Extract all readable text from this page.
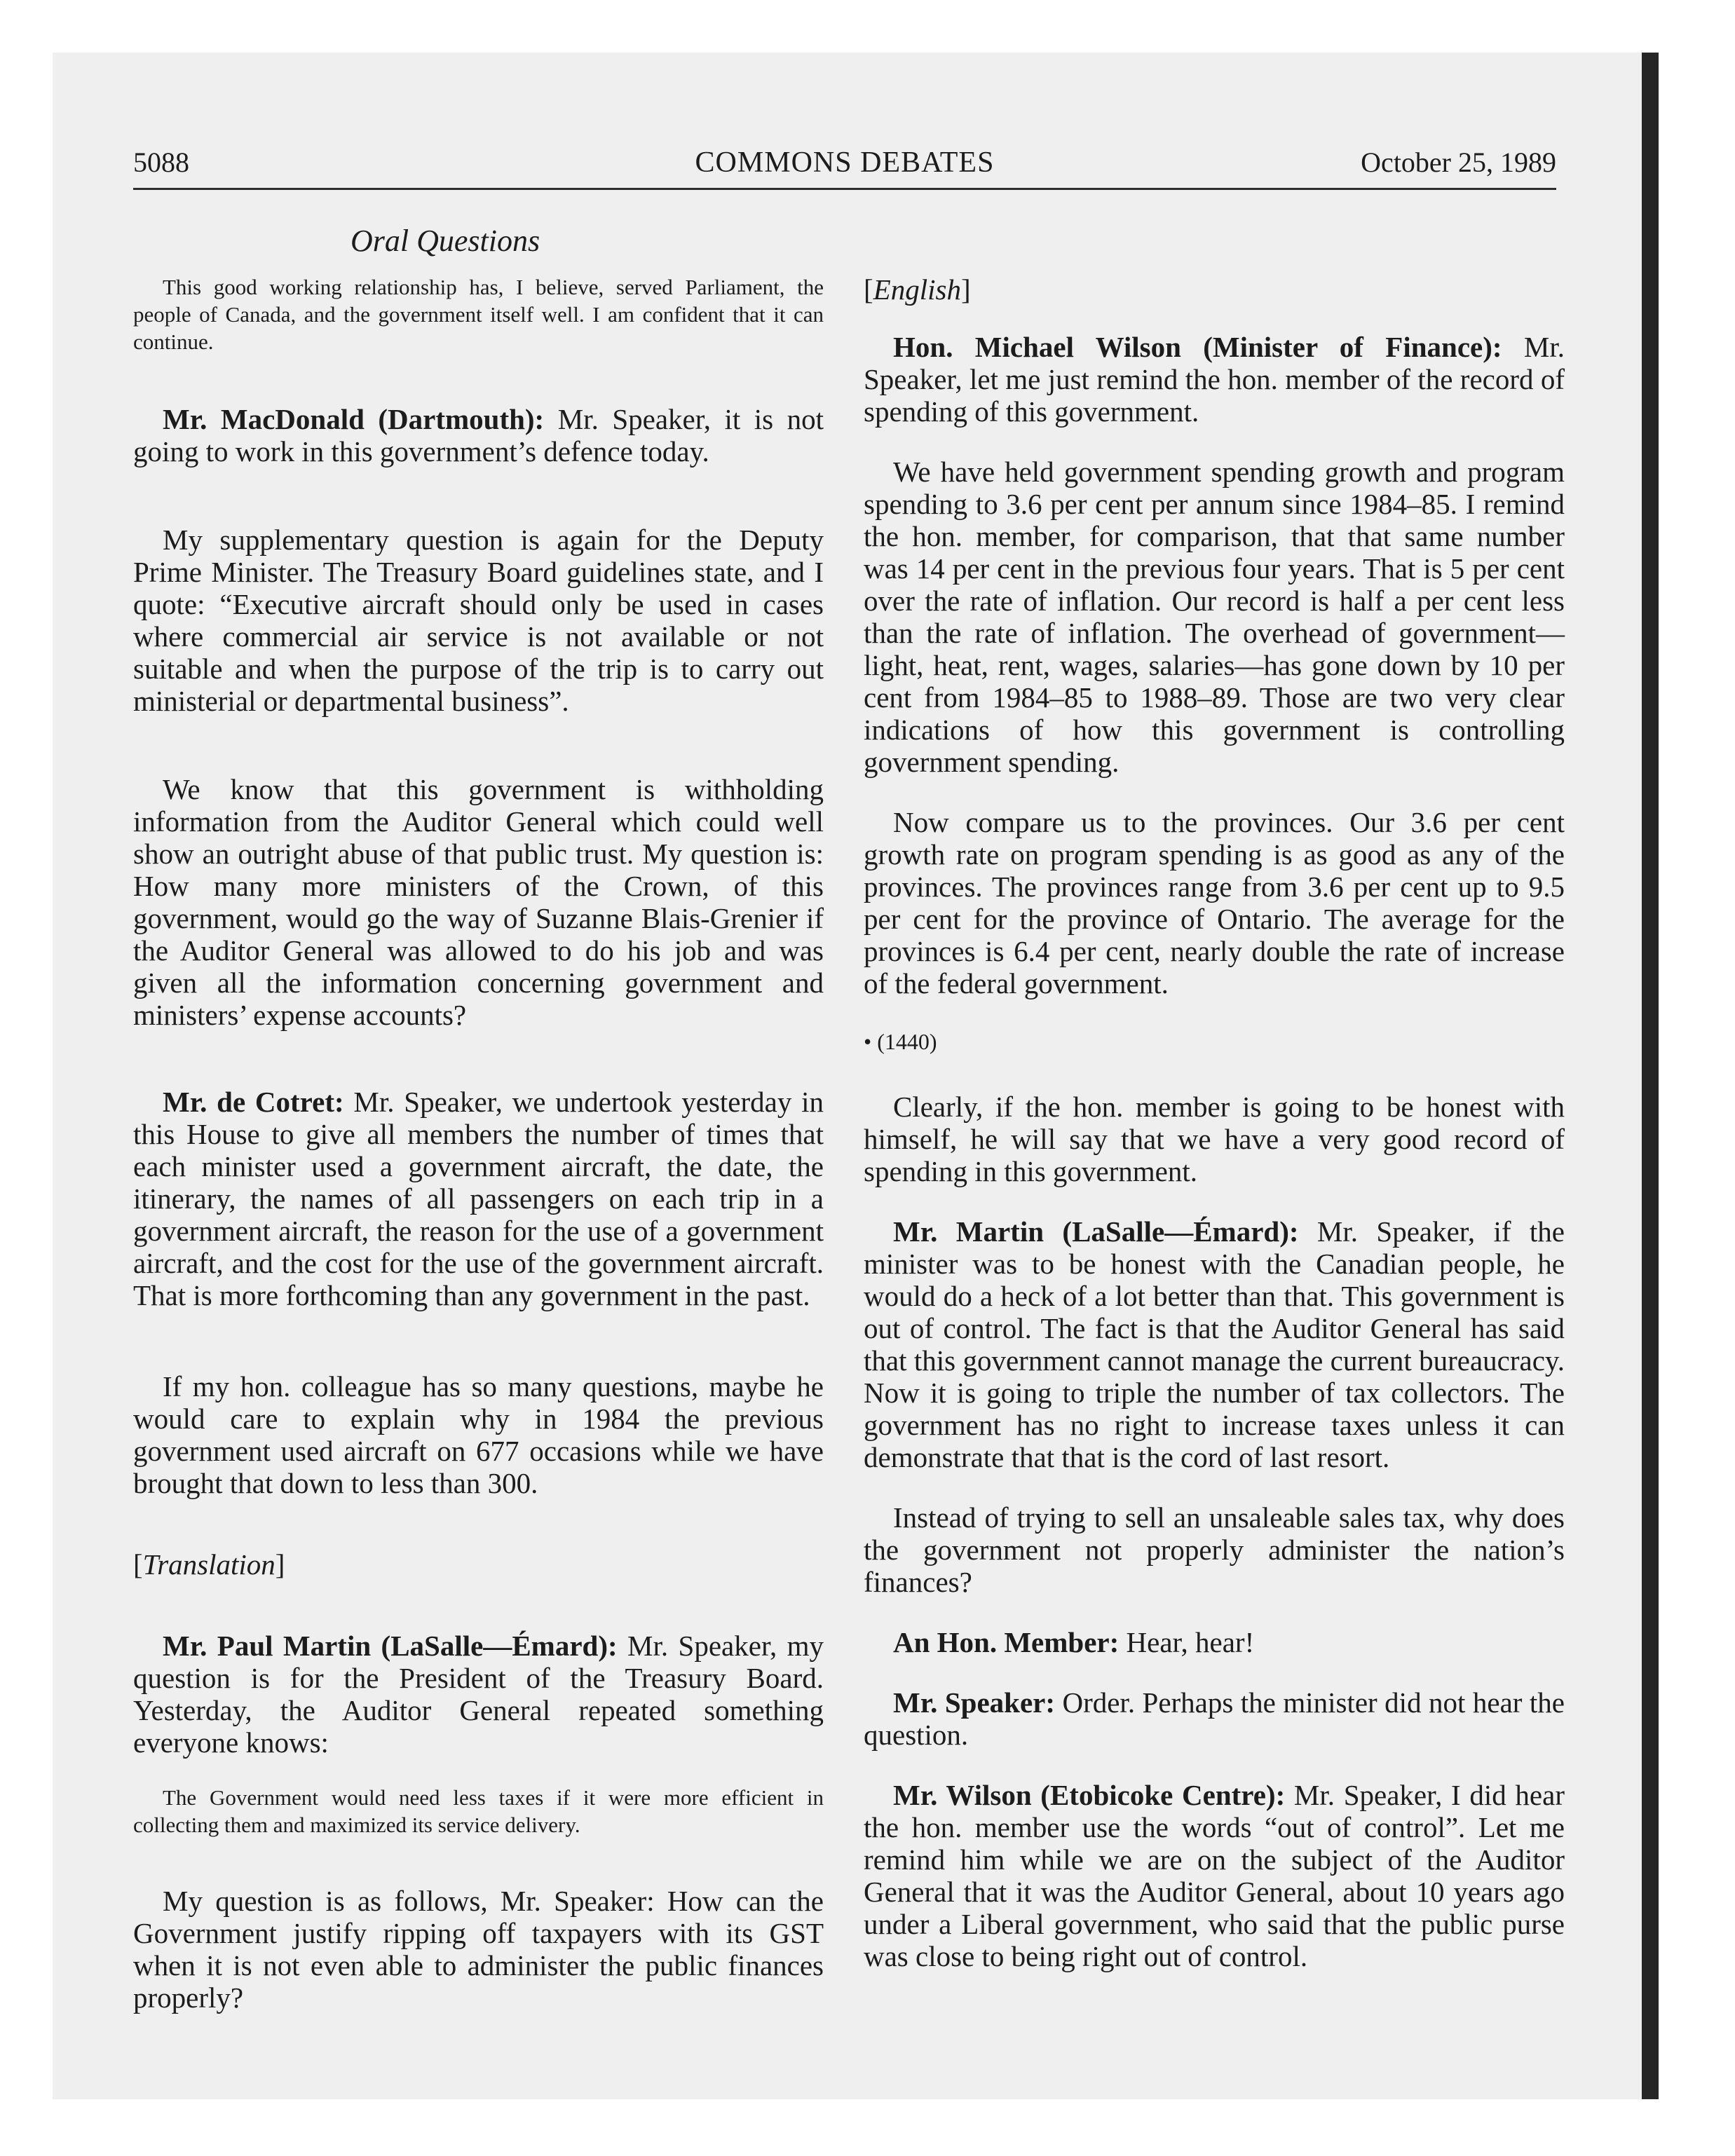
5088	COMMONS DEBATES	October 25, 1989
Oral Questions

This good working relationship has, I believe, served Parliament, the people of Canada, and the government itself well. I am confident that it can continue.

Mr. MacDonald (Dartmouth): Mr. Speaker, it is not going to work in this government’s defence today.

My supplementary question is again for the Deputy Prime Minister. The Treasury Board guidelines state, and I quote: “Executive aircraft should only be used in cases where commercial air service is not available or not suitable and when the purpose of the trip is to carry out ministerial or departmental business”.

We know that this government is withholding information from the Auditor General which could well show an outright abuse of that public trust. My question is: How many more ministers of the Crown, of this government, would go the way of Suzanne Blais-Grenier if the Auditor General was allowed to do his job and was given all the information concerning government and ministers’ expense accounts?

Mr. de Cotret: Mr. Speaker, we undertook yesterday in this House to give all members the number of times that each minister used a government aircraft, the date, the itinerary, the names of all passengers on each trip in a government aircraft, the reason for the use of a government aircraft, and the cost for the use of the government aircraft. That is more forthcoming than any government in the past.

If my hon. colleague has so many questions, maybe he would care to explain why in 1984 the previous government used aircraft on 677 occasions while we have brought that down to less than 300.

[Translation]

Mr. Paul Martin (LaSalle—Émard): Mr. Speaker, my question is for the President of the Treasury Board. Yesterday, the Auditor General repeated something everyone knows:

The Government would need less taxes if it were more efficient in collecting them and maximized its service delivery.

My question is as follows, Mr. Speaker: How can the Government justify ripping off taxpayers with its GST when it is not even able to administer the public finances properly?

[English]

Hon. Michael Wilson (Minister of Finance): Mr. Speaker, let me just remind the hon. member of the record of spending of this government.

We have held government spending growth and program spending to 3.6 per cent per annum since 1984–85. I remind the hon. member, for comparison, that that same number was 14 per cent in the previous four years. That is 5 per cent over the rate of inflation. Our record is half a per cent less than the rate of inflation. The overhead of government—light, heat, rent, wages, salaries—has gone down by 10 per cent from 1984–85 to 1988–89. Those are two very clear indications of how this government is controlling government spending.

Now compare us to the provinces. Our 3.6 per cent growth rate on program spending is as good as any of the provinces. The provinces range from 3.6 per cent up to 9.5 per cent for the province of Ontario. The average for the provinces is 6.4 per cent, nearly double the rate of increase of the federal government.

• (1440)

Clearly, if the hon. member is going to be honest with himself, he will say that we have a very good record of spending in this government.

Mr. Martin (LaSalle—Émard): Mr. Speaker, if the minister was to be honest with the Canadian people, he would do a heck of a lot better than that. This government is out of control. The fact is that the Auditor General has said that this government cannot manage the current bureaucracy. Now it is going to triple the number of tax collectors. The government has no right to increase taxes unless it can demonstrate that that is the cord of last resort.

Instead of trying to sell an unsaleable sales tax, why does the government not properly administer the nation’s finances?

An Hon. Member: Hear, hear!

Mr. Speaker: Order. Perhaps the minister did not hear the question.

Mr. Wilson (Etobicoke Centre): Mr. Speaker, I did hear the hon. member use the words “out of control”. Let me remind him while we are on the subject of the Auditor General that it was the Auditor General, about 10 years ago under a Liberal government, who said that the public purse was close to being right out of control.
